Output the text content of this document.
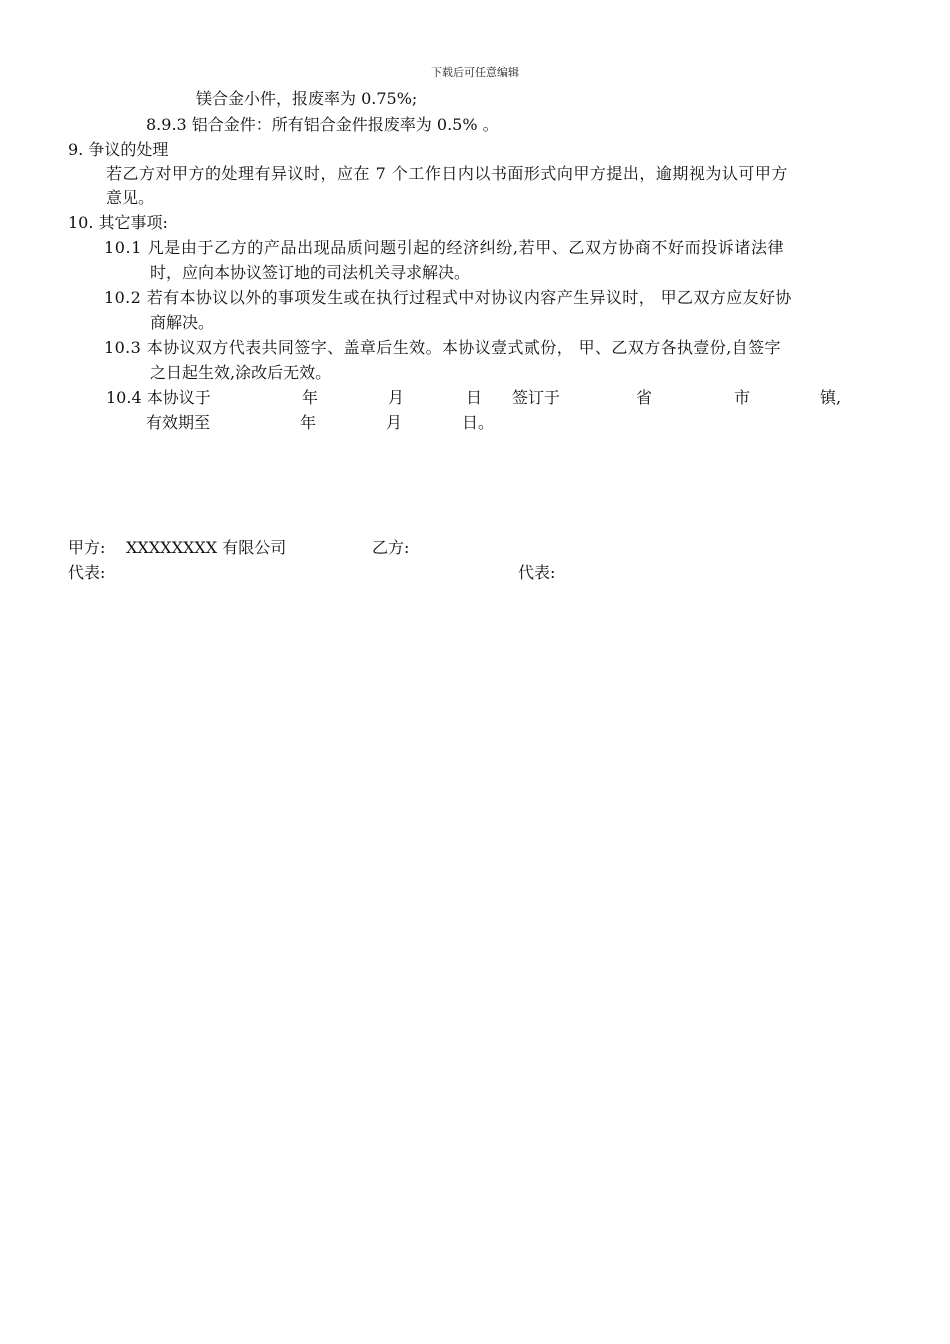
下载后可任意编辑
镁合金小件，报废率为 0.75%;
8.9.3 铝合金件：所有铝合金件报废率为 0.5% 。
9. 争议的处理
若乙方对甲方的处理有异议时，应在 7 个工作日内以书面形式向甲方提出，逾期视为认可甲方
意见。
10. 其它事项:
10.1 凡是由于乙方的产品出现品质问题引起的经济纠纷,若甲、乙双方协商不好而投诉诸法律
时，应向本协议签订地的司法机关寻求解决。
10.2 若有本协议以外的事项发生或在执行过程式中对协议内容产生异议时， 甲乙双方应友好协
商解决。
10.3 本协议双方代表共同签字、盖章后生效。本协议壹式贰份， 甲、乙双方各执壹份,自签字
之日起生效,涂改后无效。
10.4 本协议于	年	月	日 签订于	省	市	镇,
有效期至	年	月	日。
甲方: XXXXXXXX 有限公司	乙方:
代表:	代表:
